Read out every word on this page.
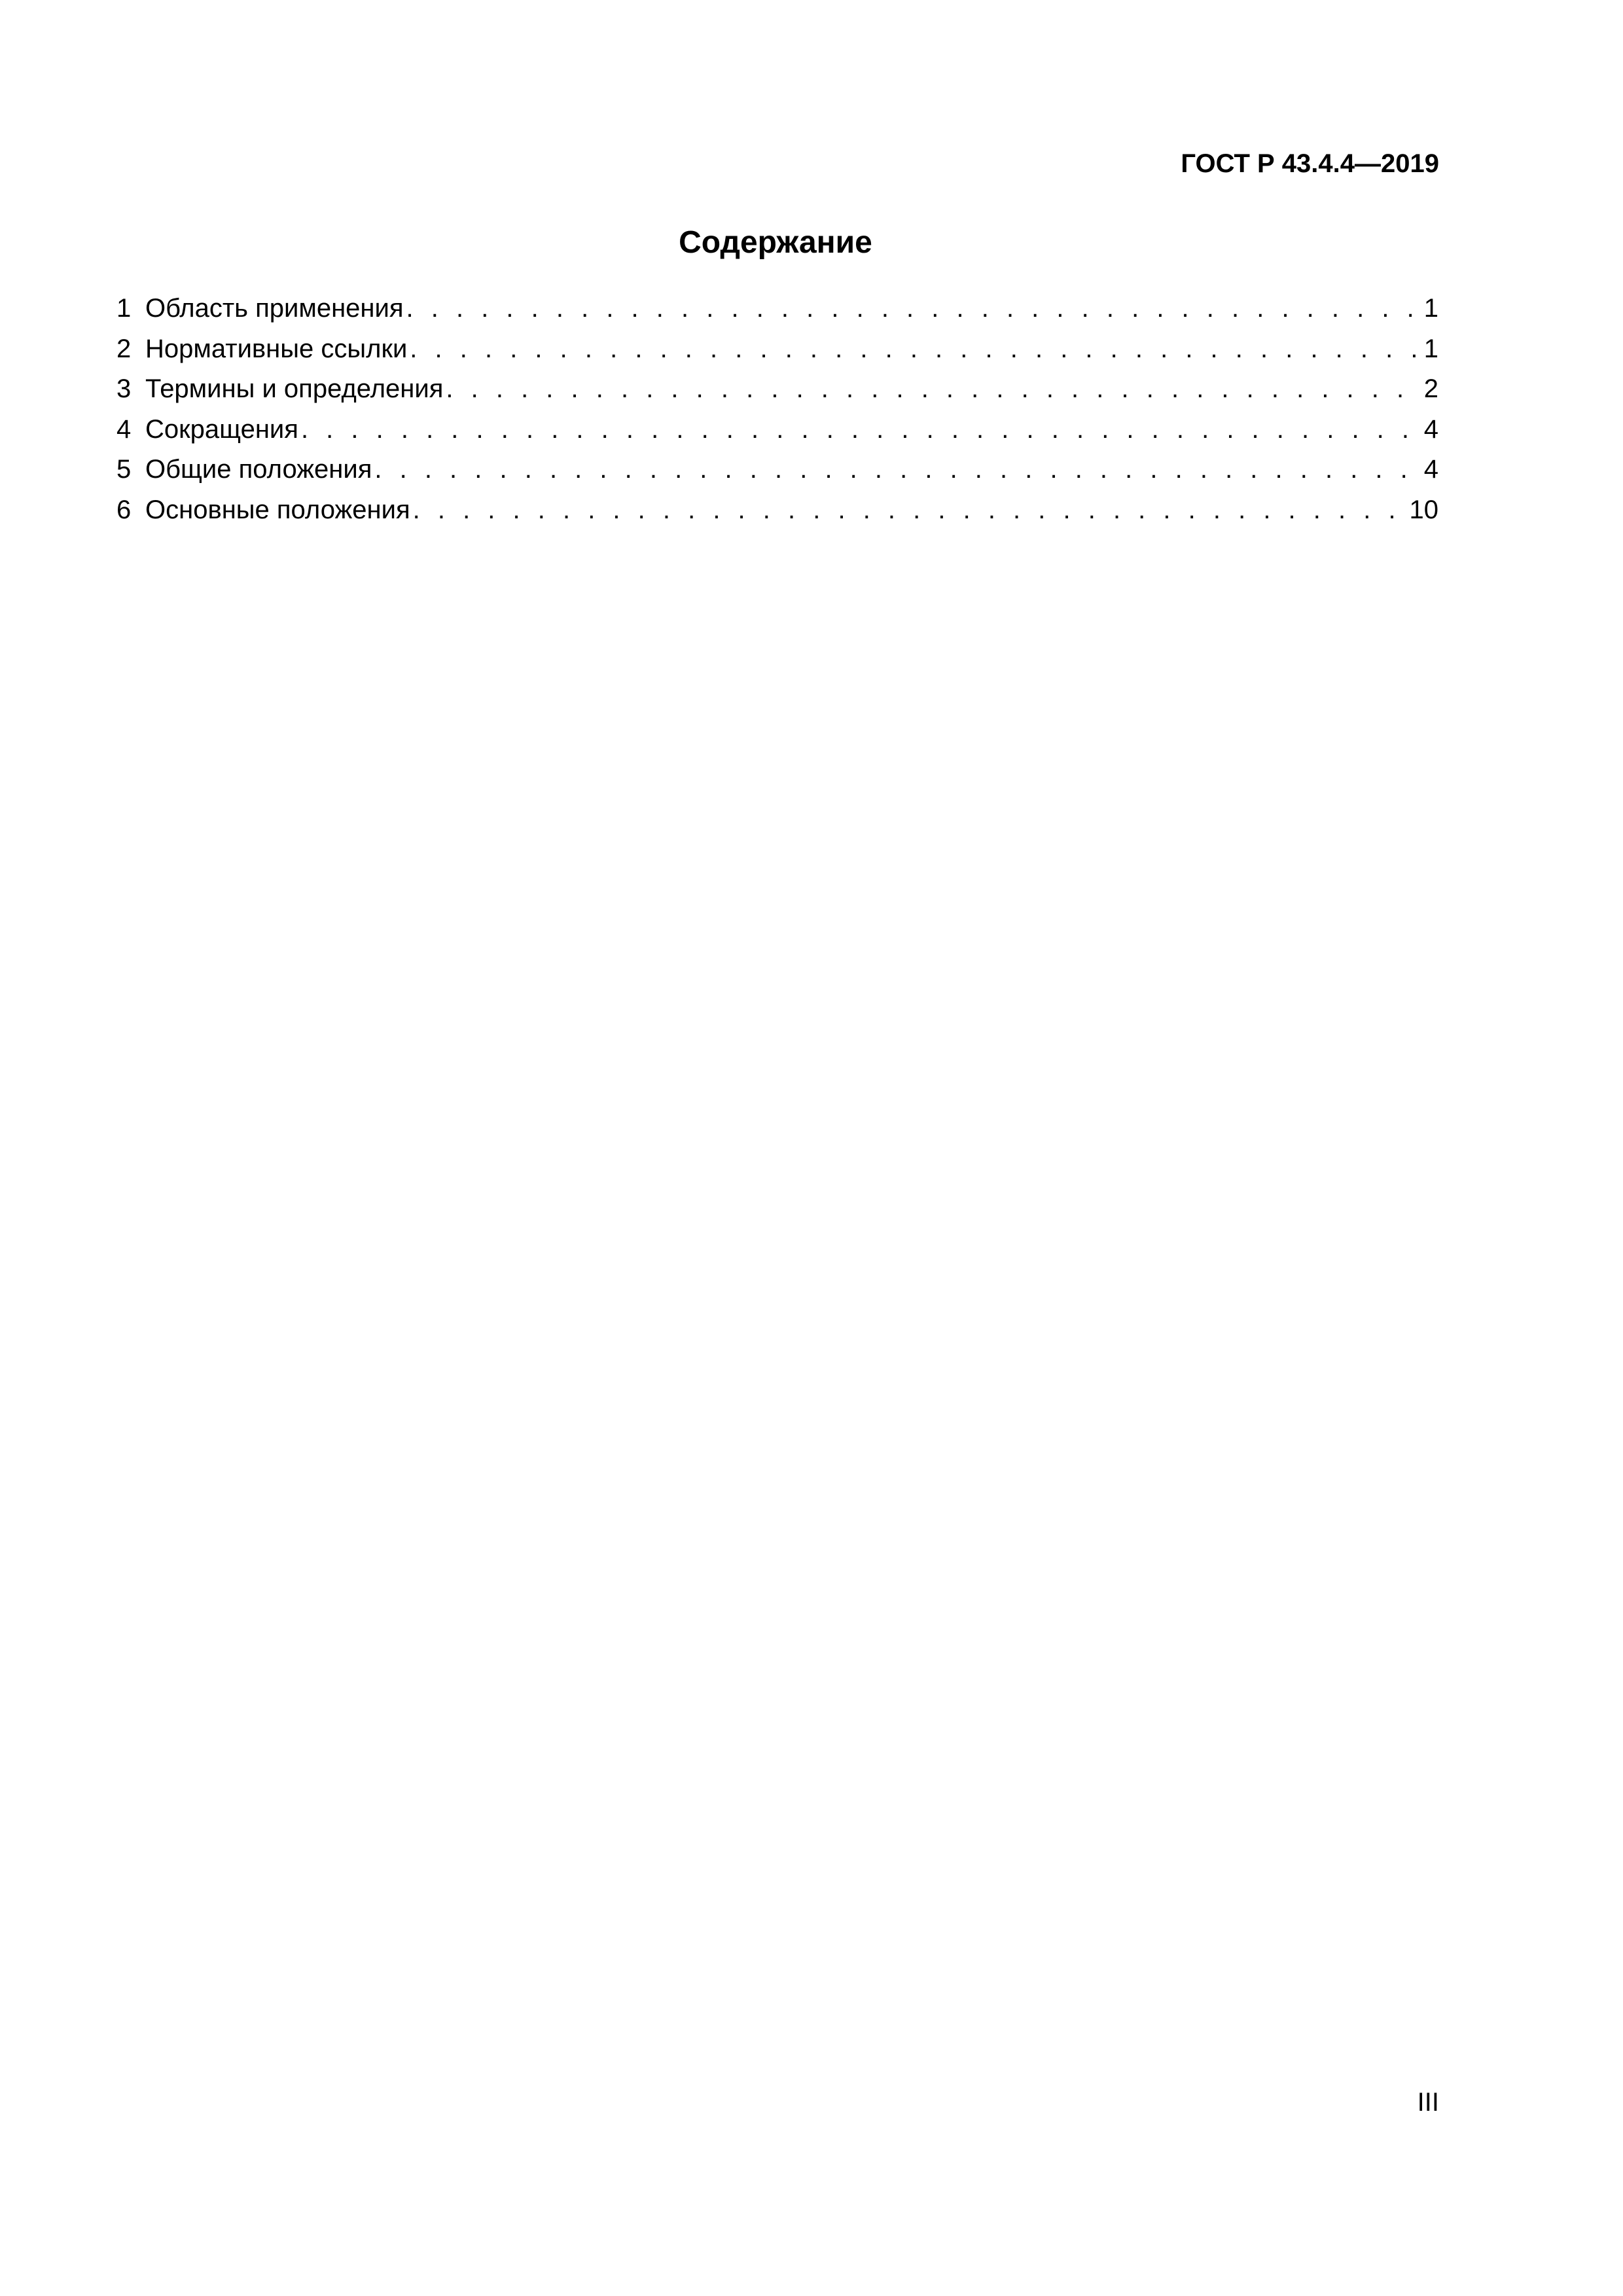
ГОСТ Р 43.4.4—2019
Содержание
1 Область применения . . .	1
2 Нормативные ссылки . . .	1
3 Термины и определения . . .	2
4 Сокращения . . .	4
5 Общие положения . . .	4
6 Основные положения . . .	10
III
